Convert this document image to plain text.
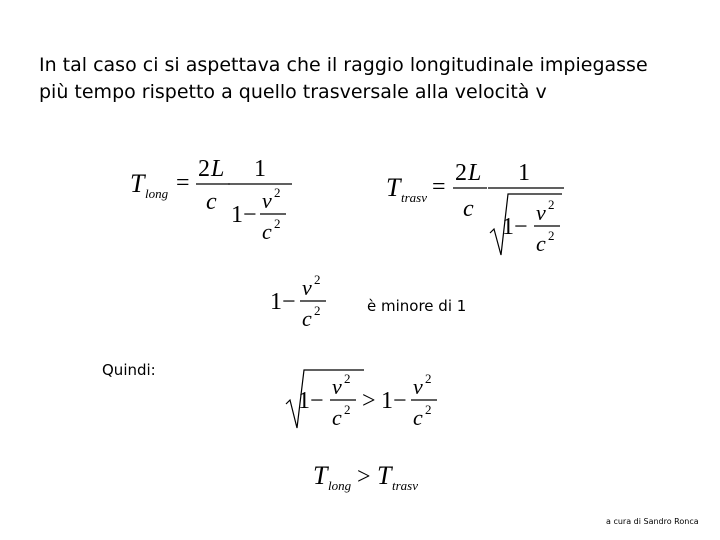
In tal caso ci si aspettava che il raggio longitudinale impiegasse
più tempo rispetto a quello trasversale alla velocità v
T long =
2 L
c
1
1 −
v 2
c 2
T trasv =
2 L
c
1
1 −
v 2
c 2
1 −
v 2
c 2	è minore di 1
Quindi:
1 −
v 2
c 2 > 1 −
v 2
c 2
T long > T trasv
a cura di Sandro Ronca
